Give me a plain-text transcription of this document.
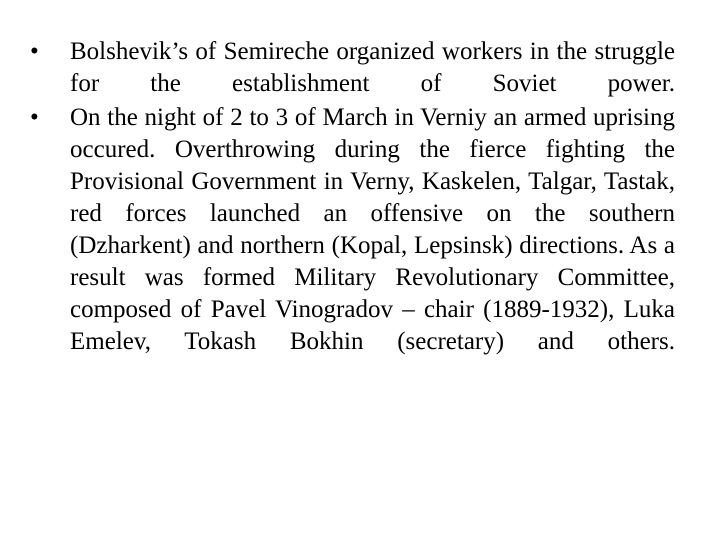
• Bolshevik’s of Semireche organized workers in the struggle for the establishment of Soviet power.
• On the night of 2 to 3 of March in Verniy an armed uprising occured. Overthrowing during the fierce fighting the Provisional Government in Verny, Kaskelen, Talgar, Tastak, red forces launched an offensive on the southern (Dzharkent) and northern (Kopal, Lepsinsk) directions. As a result was formed Military Revolutionary Committee, composed of Pavel Vinogradov – chair (1889-1932), Luka Emelev, Tokash Bokhin (secretary) and others.
